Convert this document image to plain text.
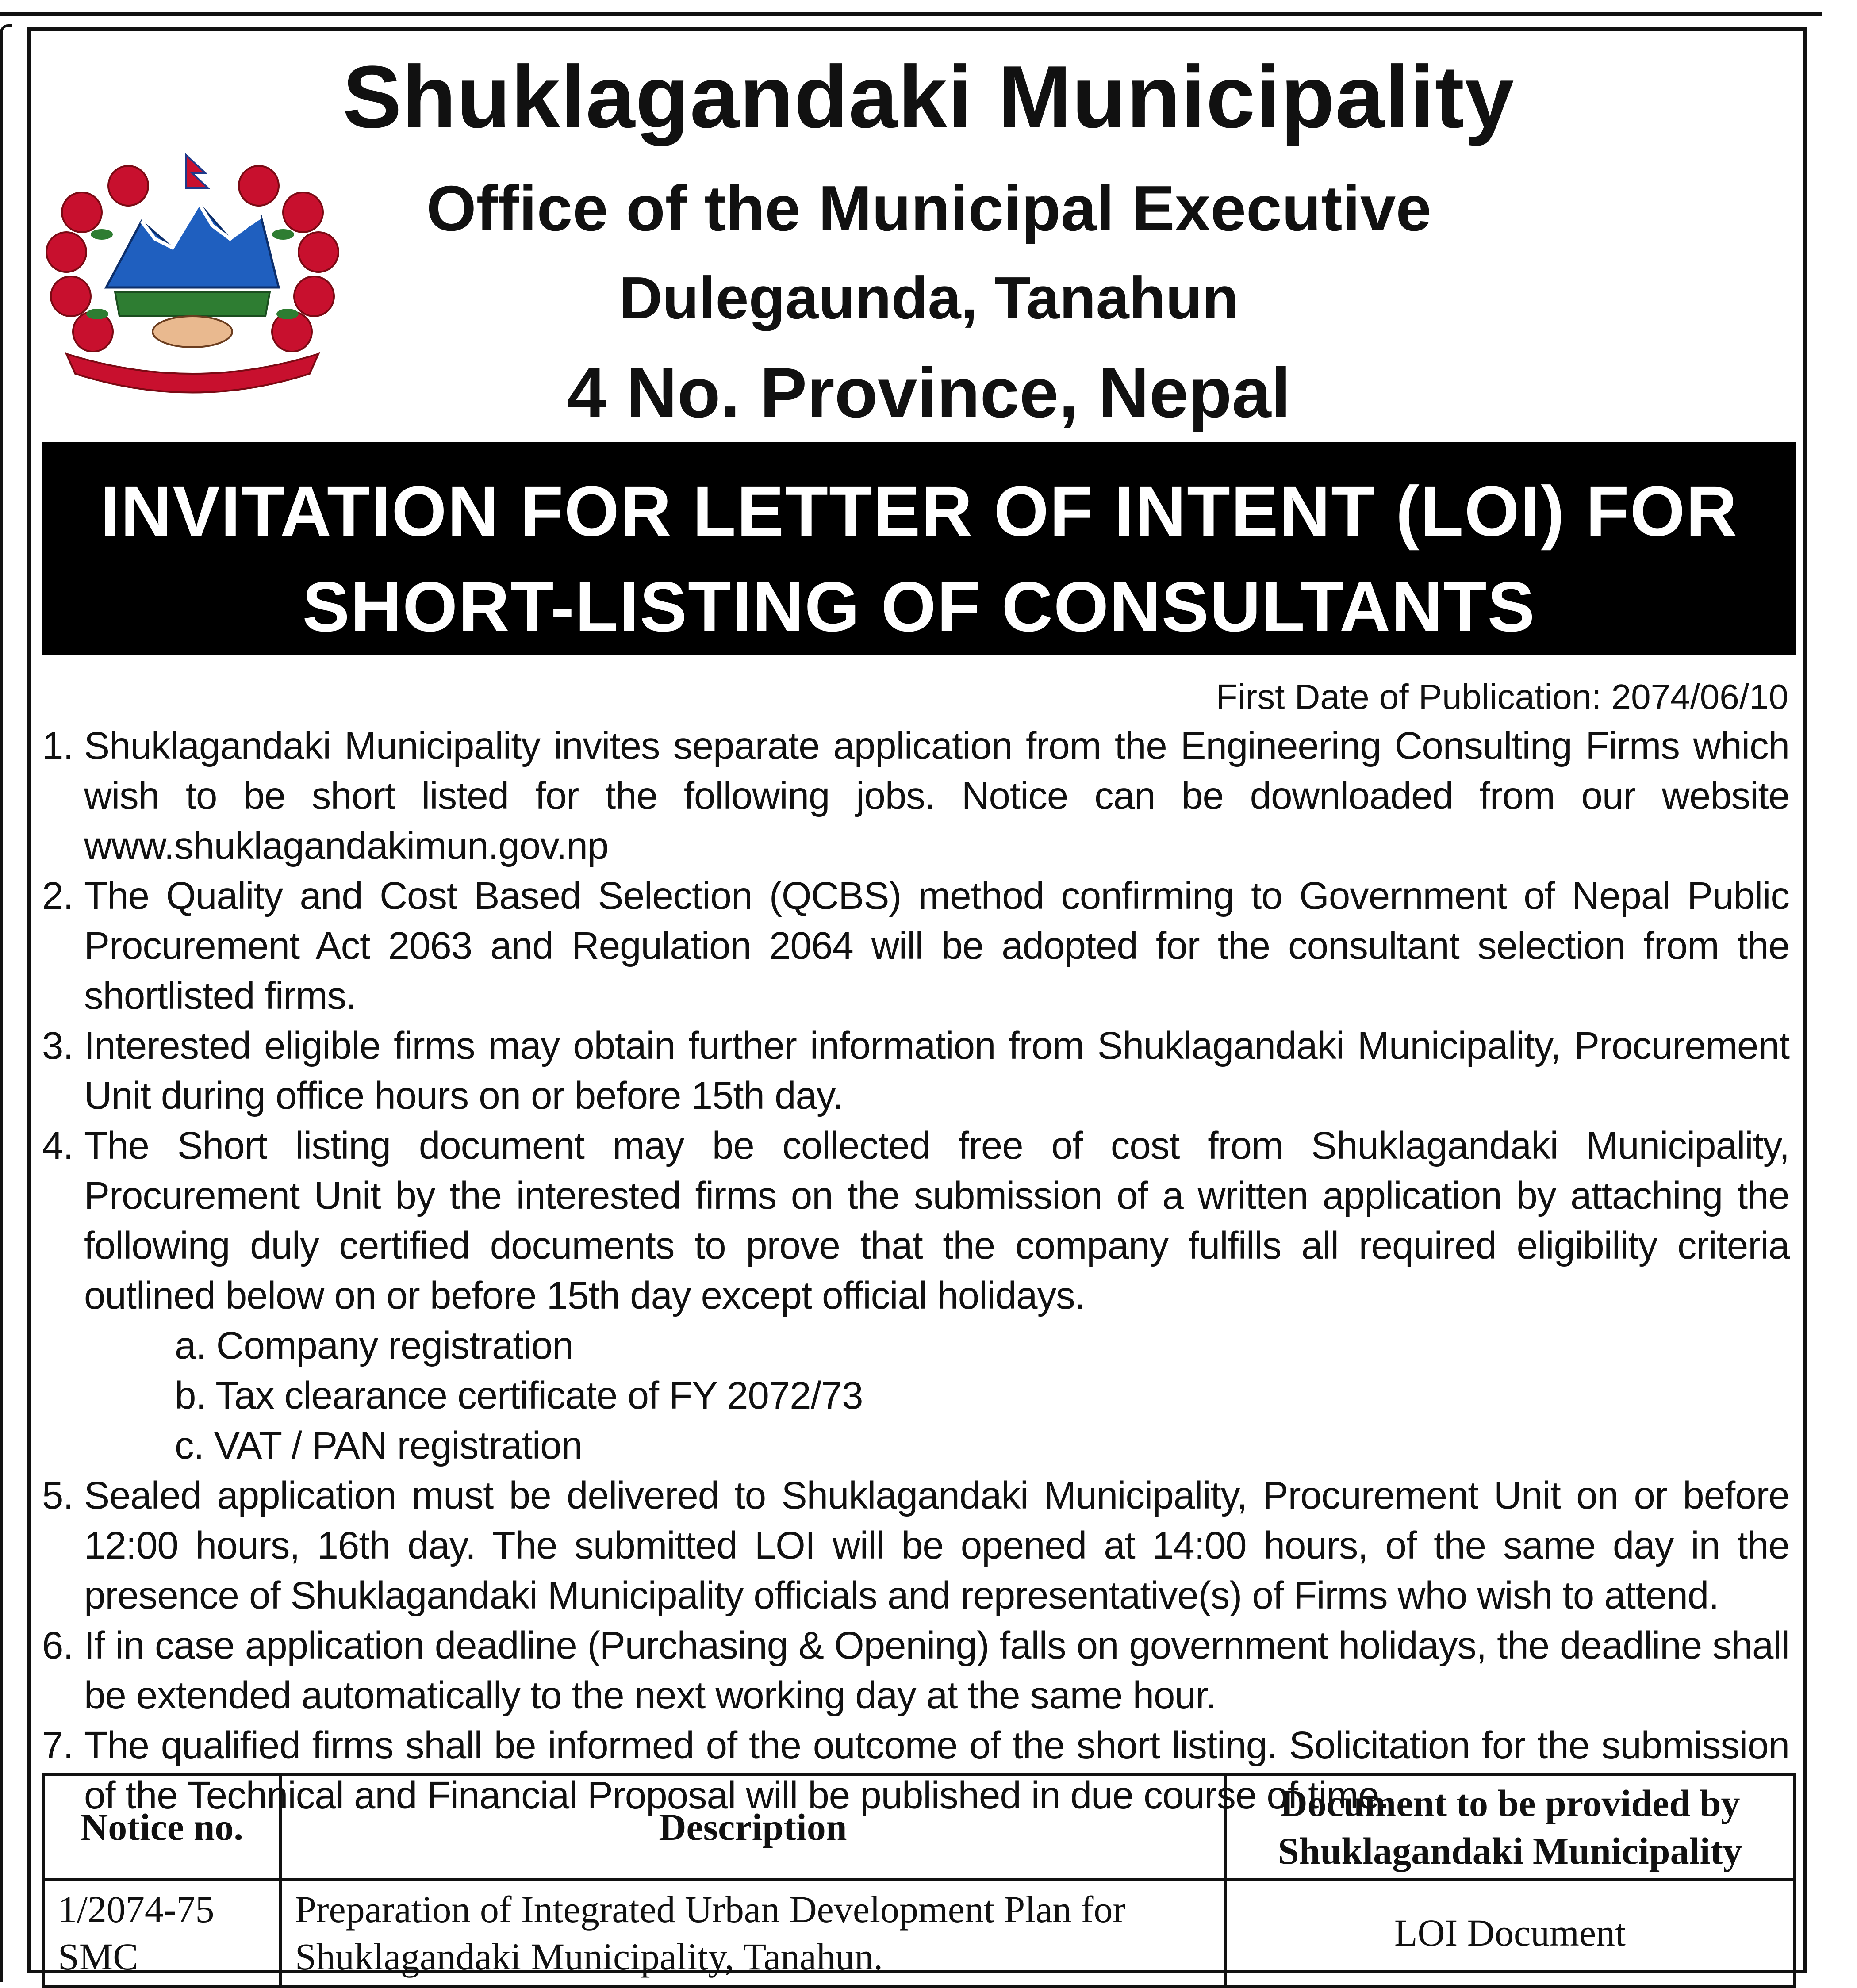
Shuklagandaki Municipality
Office of the Municipal Executive
Dulegaunda, Tanahun
4 No. Province, Nepal
INVITATION FOR LETTER OF INTENT (LOI) FOR
SHORT-LISTING OF CONSULTANTS
First Date of Publication: 2074/06/10
1. Shuklagandaki Municipality invites separate application from the Engineering Consulting Firms which wish to be short listed for the following jobs. Notice can be downloaded from our website www.shuklagandakimun.gov.np
2. The Quality and Cost Based Selection (QCBS) method confirming to Government of Nepal Public Procurement Act 2063 and Regulation 2064 will be adopted for the consultant selection from the shortlisted firms.
3. Interested eligible firms may obtain further information from Shuklagandaki Municipality, Procurement Unit during office hours on or before 15th day.
4. The Short listing document may be collected free of cost from Shuklagandaki Municipality, Procurement Unit by the interested firms on the submission of a written application by attaching the following duly certified documents to prove that the company fulfills all required eligibility criteria outlined below on or before 15th day except official holidays.
a. Company registration
b. Tax clearance certificate of FY 2072/73
c. VAT / PAN registration
5. Sealed application must be delivered to Shuklagandaki Municipality, Procurement Unit on or before 12:00 hours, 16th day. The submitted LOI will be opened at 14:00 hours, of the same day in the presence of Shuklagandaki Municipality officials and representative(s) of Firms who wish to attend.
6. If in case application deadline (Purchasing & Opening) falls on government holidays, the deadline shall be extended automatically to the next working day at the same hour.
7. The qualified firms shall be informed of the outcome of the short listing. Solicitation for the submission of the Technical and Financial Proposal will be published in due course of time.
Notice no.	Description	Document to be provided by Shuklagandaki Municipality
1/2074-75 SMC	Preparation of Integrated Urban Development Plan for Shuklagandaki Municipality, Tanahun.	LOI Document
